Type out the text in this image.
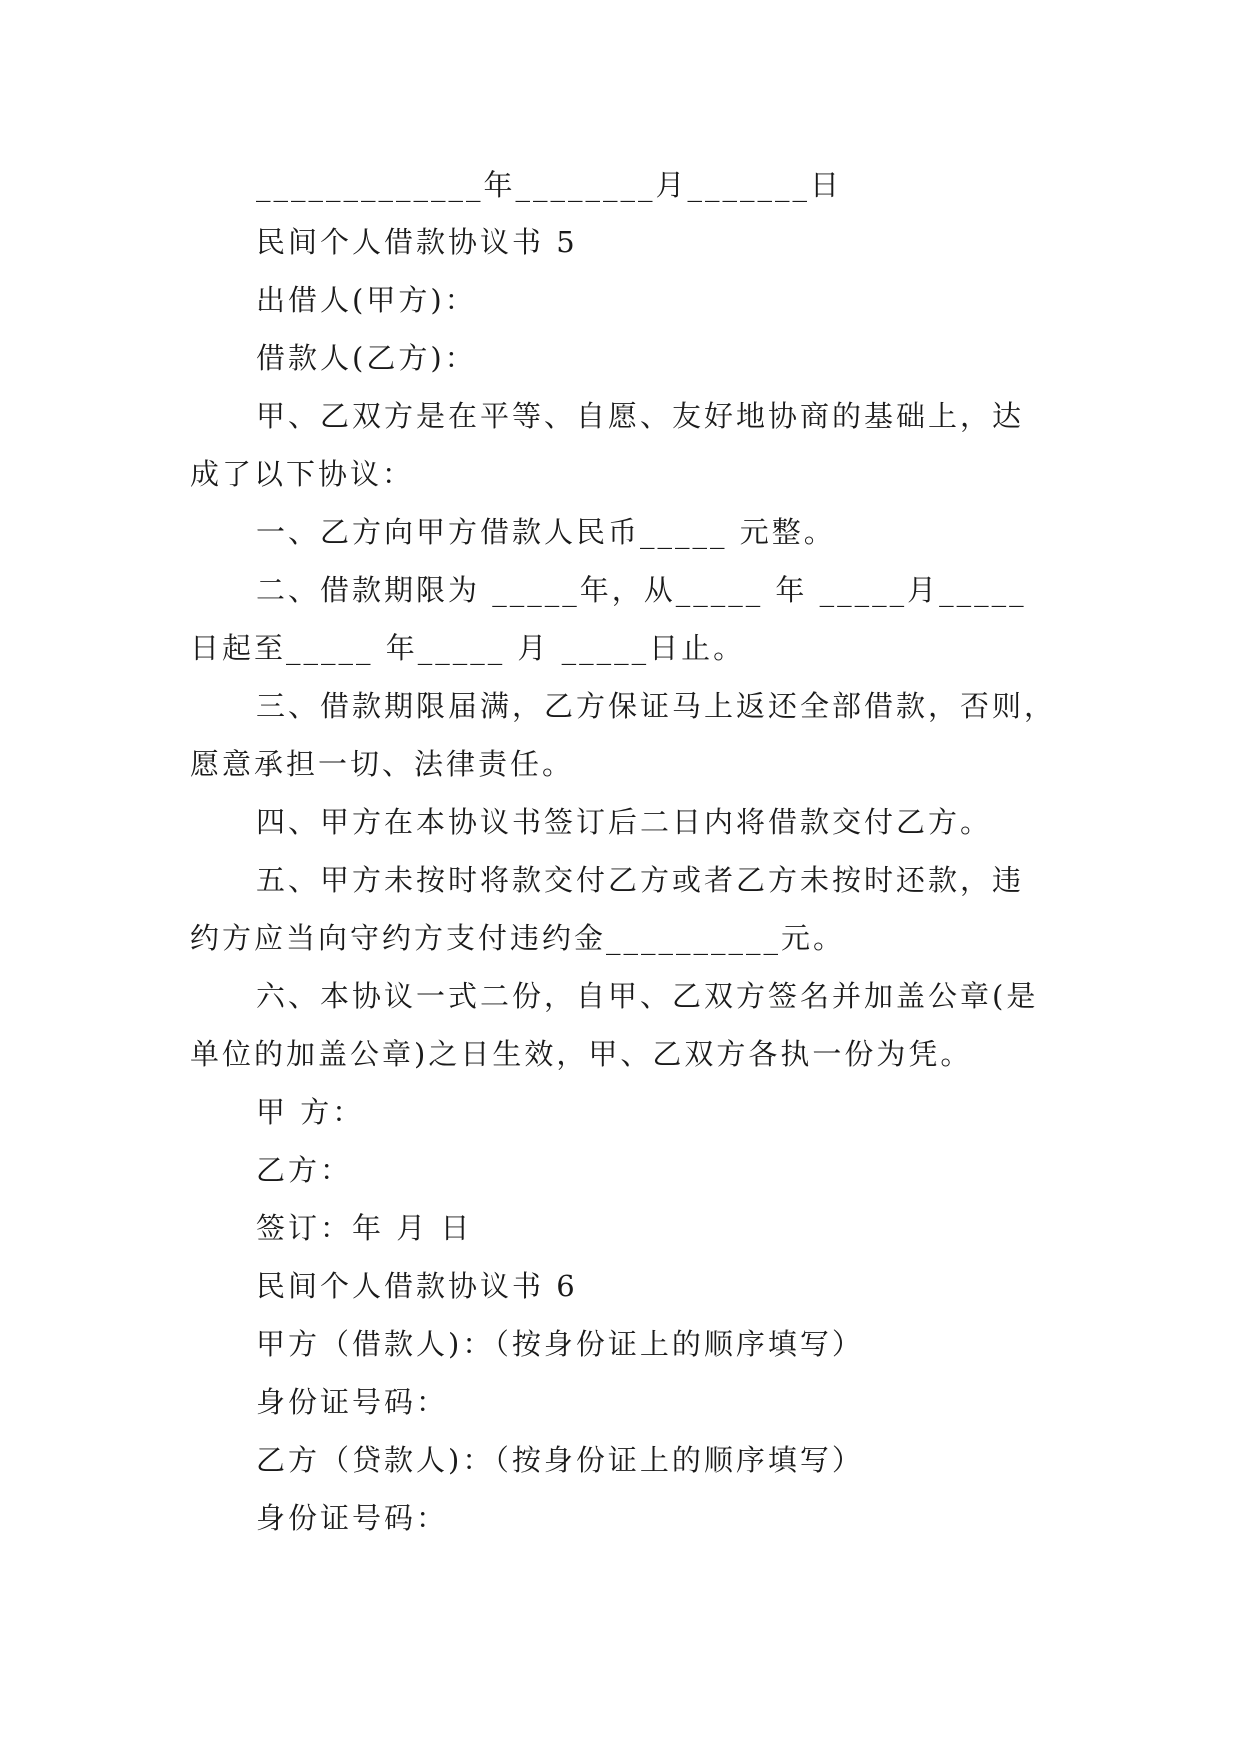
_____________年________月_______日

民间个人借款协议书 5

出借人(甲方)：

借款人(乙方)：

甲、乙双方是在平等、自愿、友好地协商的基础上，达

成了以下协议：

一、乙方向甲方借款人民币_____ 元整。

二、借款期限为 _____年，从_____ 年 _____月_____

日起至_____ 年_____ 月 _____日止。

三、借款期限届满，乙方保证马上返还全部借款，否则，

愿意承担一切、法律责任。

四、甲方在本协议书签订后二日内将借款交付乙方。

五、甲方未按时将款交付乙方或者乙方未按时还款，违

约方应当向守约方支付违约金__________元。

六、本协议一式二份，自甲、乙双方签名并加盖公章(是

单位的加盖公章)之日生效，甲、乙双方各执一份为凭。

甲 方：

乙方：

签订：年 月 日

民间个人借款协议书 6

甲方（借款人)：（按身份证上的顺序填写）

身份证号码：

乙方（贷款人)：（按身份证上的顺序填写）

身份证号码：
